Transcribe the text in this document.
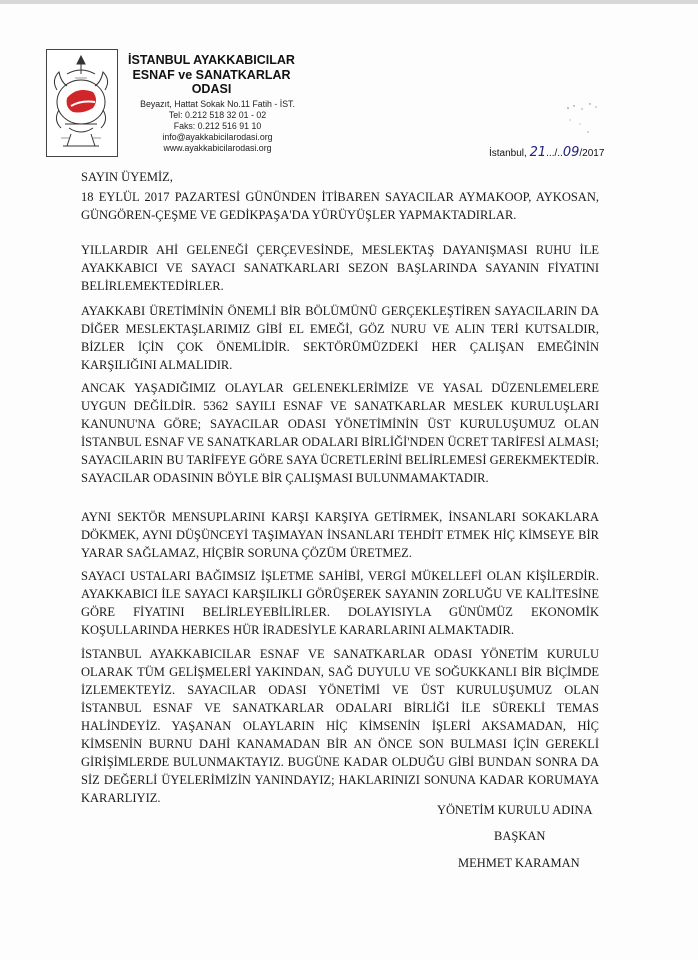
İSTANBUL AYAKKABICILAR
ESNAF ve SANATKARLAR
ODASI
Beyazıt, Hattat Sokak No.11 Fatih - İST.
Tel: 0.212 518 32 01 - 02
Faks: 0.212 516 91 10
info@ayakkabicilarodasi.org
www.ayakkabicilarodasi.org
İstanbul, 21.../..09/2017
SAYIN ÜYEMİZ,
18 EYLÜL 2017 PAZARTESİ GÜNÜNDEN İTİBAREN SAYACILAR AYMAKOOP, AYKOSAN, GÜNGÖREN-ÇEŞME VE GEDİKPAŞA'DA YÜRÜYÜŞLER YAPMAKTADIRLAR.
YILLARDIR AHİ GELENEĞİ ÇERÇEVESİNDE, MESLEKTAŞ DAYANIŞMASI RUHU İLE AYAKKABICI VE SAYACI SANATKARLARI SEZON BAŞLARINDA SAYANIN FİYATINI BELİRLEMEKTEDİRLER.
AYAKKABI ÜRETİMİNİN ÖNEMLİ BİR BÖLÜMÜNÜ GERÇEKLEŞTİREN SAYACILARIN DA DİĞER MESLEKTAŞLARIMIZ GİBİ EL EMEĞİ, GÖZ NURU VE ALIN TERİ KUTSALDIR, BİZLER İÇİN ÇOK ÖNEMLİDİR. SEKTÖRÜMÜZDEKİ HER ÇALIŞAN EMEĞİNİN KARŞILIĞINI ALMALIDIR.
ANCAK YAŞADIĞIMIZ OLAYLAR GELENEKLERİMİZE VE YASAL DÜZENLEMELERE UYGUN DEĞİLDİR. 5362 SAYILI ESNAF VE SANATKARLAR MESLEK KURULUŞLARI KANUNU'NA GÖRE; SAYACILAR ODASI YÖNETİMİNİN ÜST KURULUŞUMUZ OLAN İSTANBUL ESNAF VE SANATKARLAR ODALARI BİRLİĞİ'NDEN ÜCRET TARİFESİ ALMASI; SAYACILARIN BU TARİFEYE GÖRE SAYA ÜCRETLERİNİ BELİRLEMESİ GEREKMEKTEDİR. SAYACILAR ODASININ BÖYLE BİR ÇALIŞMASI BULUNMAMAKTADIR.
AYNI SEKTÖR MENSUPLARINI KARŞI KARŞIYA GETİRMEK, İNSANLARI SOKAKLARA DÖKMEK, AYNI DÜŞÜNCEYİ TAŞIMAYAN İNSANLARI TEHDİT ETMEK HİÇ KİMSEYE BİR YARAR SAĞLAMAZ, HİÇBİR SORUNA ÇÖZÜM ÜRETMEZ.
SAYACI USTALARI BAĞIMSIZ İŞLETME SAHİBİ, VERGİ MÜKELLEFİ OLAN KİŞİLERDİR. AYAKKABICI İLE SAYACI KARŞILIKLI GÖRÜŞEREK SAYANIN ZORLUĞU VE KALİTESİNE GÖRE FİYATINI BELİRLEYEBİLİRLER. DOLAYISIYLA GÜNÜMÜZ EKONOMİK KOŞULLARINDA HERKES HÜR İRADESİYLE KARARLARINI ALMAKTADIR.
İSTANBUL AYAKKABICILAR ESNAF VE SANATKARLAR ODASI YÖNETİM KURULU OLARAK TÜM GELİŞMELERİ YAKINDAN, SAĞ DUYULU VE SOĞUKKANLI BİR BİÇİMDE İZLEMEKTEYİZ. SAYACILAR ODASI YÖNETİMİ VE ÜST KURULUŞUMUZ OLAN İSTANBUL ESNAF VE SANATKARLAR ODALARI BİRLİĞİ İLE SÜREKLİ TEMAS HALİNDEYİZ. YAŞANAN OLAYLARIN HİÇ KİMSENİN İŞLERİ AKSAMADAN, HİÇ KİMSENİN BURNU DAHİ KANAMADAN BİR AN ÖNCE SON BULMASI İÇİN GEREKLİ GİRİŞİMLERDE BULUNMAKTAYIZ. BUGÜNE KADAR OLDUĞU GİBİ BUNDAN SONRA DA SİZ DEĞERLİ ÜYELERİMİZİN YANINDAYIZ; HAKLARINIZI SONUNA KADAR KORUMAYA KARARLIYIZ.
YÖNETİM KURULU ADINA
BAŞKAN
MEHMET KARAMAN
